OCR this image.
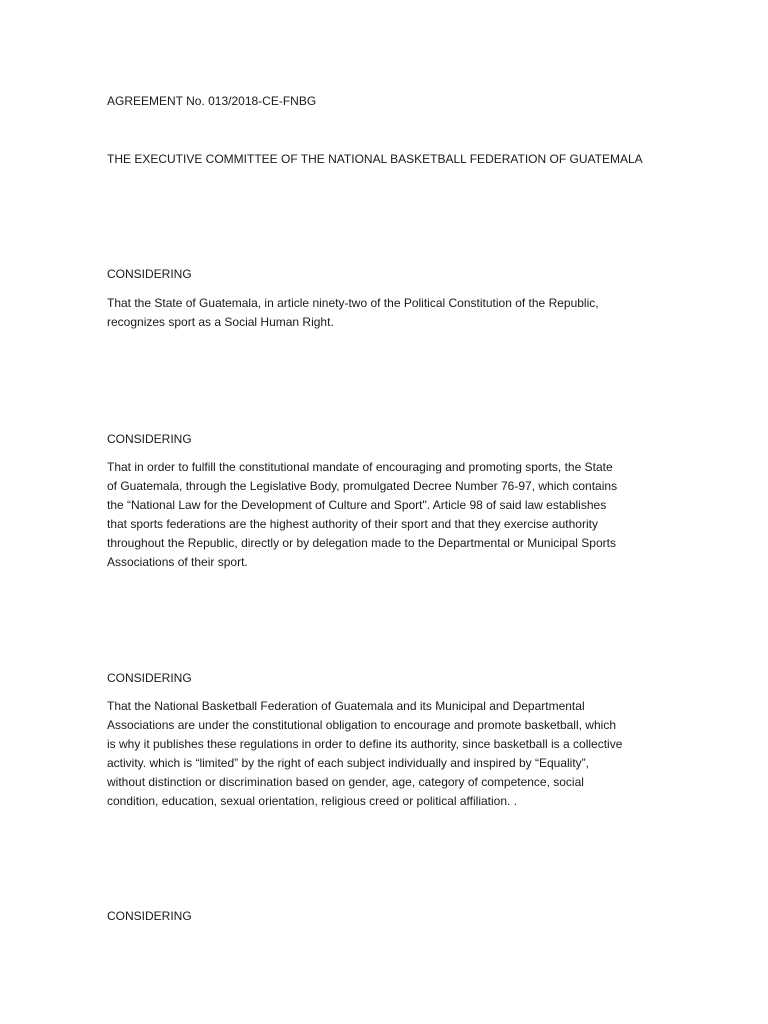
AGREEMENT No. 013/2018-CE-FNBG

THE EXECUTIVE COMMITTEE OF THE NATIONAL BASKETBALL FEDERATION OF GUATEMALA

CONSIDERING

That the State of Guatemala, in article ninety-two of the Political Constitution of the Republic,
recognizes sport as a Social Human Right.

CONSIDERING

That in order to fulfill the constitutional mandate of encouraging and promoting sports, the State
of Guatemala, through the Legislative Body, promulgated Decree Number 76-97, which contains
the “National Law for the Development of Culture and Sport". Article 98 of said law establishes
that sports federations are the highest authority of their sport and that they exercise authority
throughout the Republic, directly or by delegation made to the Departmental or Municipal Sports
Associations of their sport.

CONSIDERING

That the National Basketball Federation of Guatemala and its Municipal and Departmental
Associations are under the constitutional obligation to encourage and promote basketball, which
is why it publishes these regulations in order to define its authority, since basketball is a collective
activity. which is “limited” by the right of each subject individually and inspired by “Equality”,
without distinction or discrimination based on gender, age, category of competence, social
condition, education, sexual orientation, religious creed or political affiliation. .

CONSIDERING
